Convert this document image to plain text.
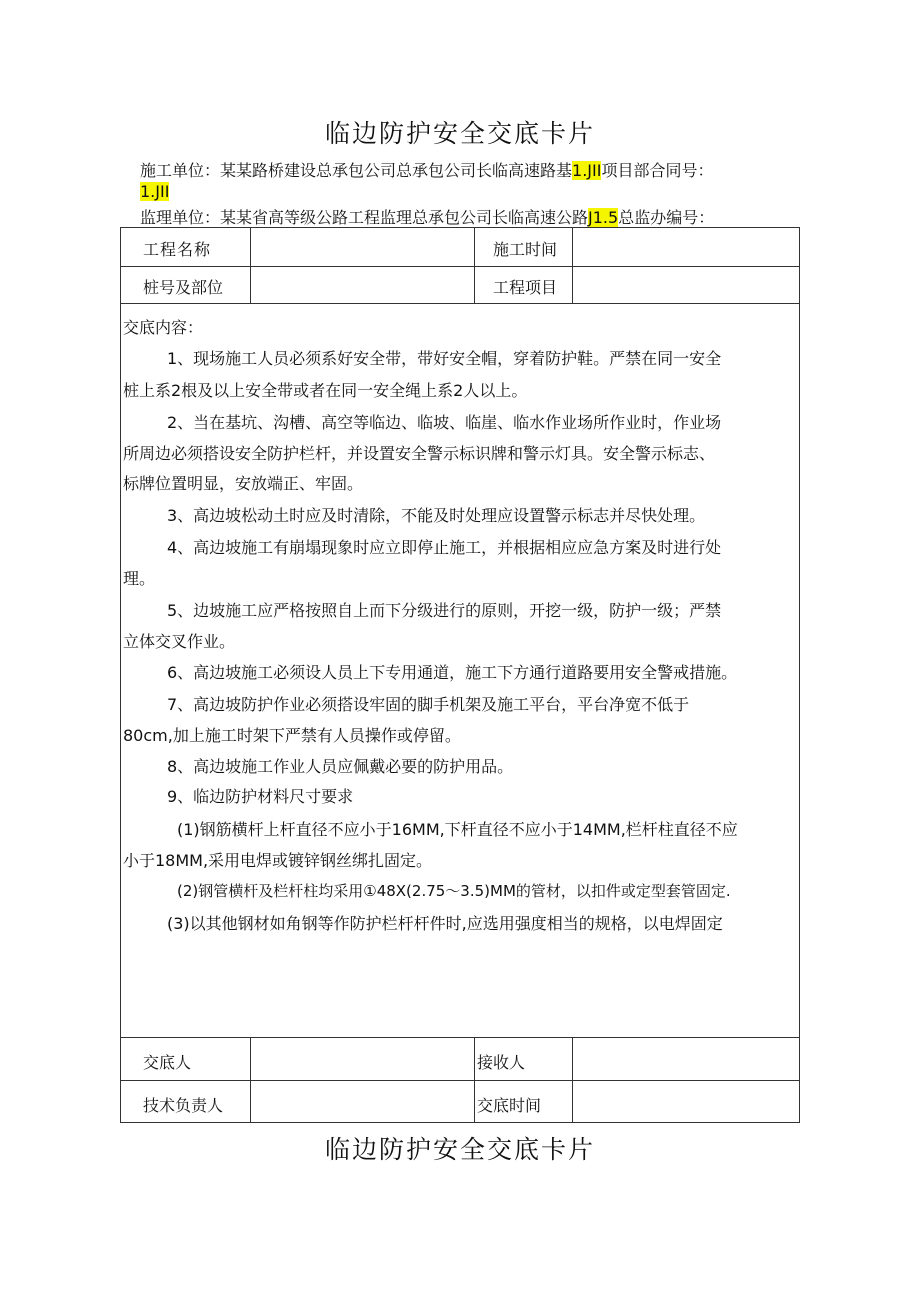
临边防护安全交底卡片
施工单位：某某路桥建设总承包公司总承包公司长临高速路基1.JII项目部合同号：
1.JII
监理单位：某某省高等级公路工程监理总承包公司长临高速公路J1.5总监办编号：
工程名称	施工时间
桩号及部位	工程项目

交底内容：

1、现场施工人员必须系好安全带，带好安全帽，穿着防护鞋。严禁在同一安全

桩上系2根及以上安全带或者在同一安全绳上系2人以上。

2、当在基坑、沟槽、高空等临边、临坡、临崖、临水作业场所作业时，作业场

所周边必须搭设安全防护栏杆，并设置安全警示标识牌和警示灯具。安全警示标志、

标牌位置明显，安放端正、牢固。

3、高边坡松动土时应及时清除，不能及时处理应设置警示标志并尽快处理。

4、高边坡施工有崩塌现象时应立即停止施工，并根据相应应急方案及时进行处

理。

5、边坡施工应严格按照自上而下分级进行的原则，开挖一级，防护一级；严禁

立体交叉作业。

6、高边坡施工必须设人员上下专用通道，施工下方通行道路要用安全警戒措施。

7、高边坡防护作业必须搭设牢固的脚手机架及施工平台，平台净宽不低于

80cm,加上施工时架下严禁有人员操作或停留。

8、高边坡施工作业人员应佩戴必要的防护用品。

9、临边防护材料尺寸要求

(1)钢筋横杆上杆直径不应小于16MM,下杆直径不应小于14MM,栏杆柱直径不应

小于18MM,采用电焊或镀锌钢丝绑扎固定。

(2)钢管横杆及栏杆柱均采用①48X(2.75～3.5)MM的管材，以扣件或定型套管固定.

(3)以其他钢材如角钢等作防护栏杆杆件时,应选用强度相当的规格，以电焊固定

交底人	接收人
技术负责人	交底时间
临边防护安全交底卡片
